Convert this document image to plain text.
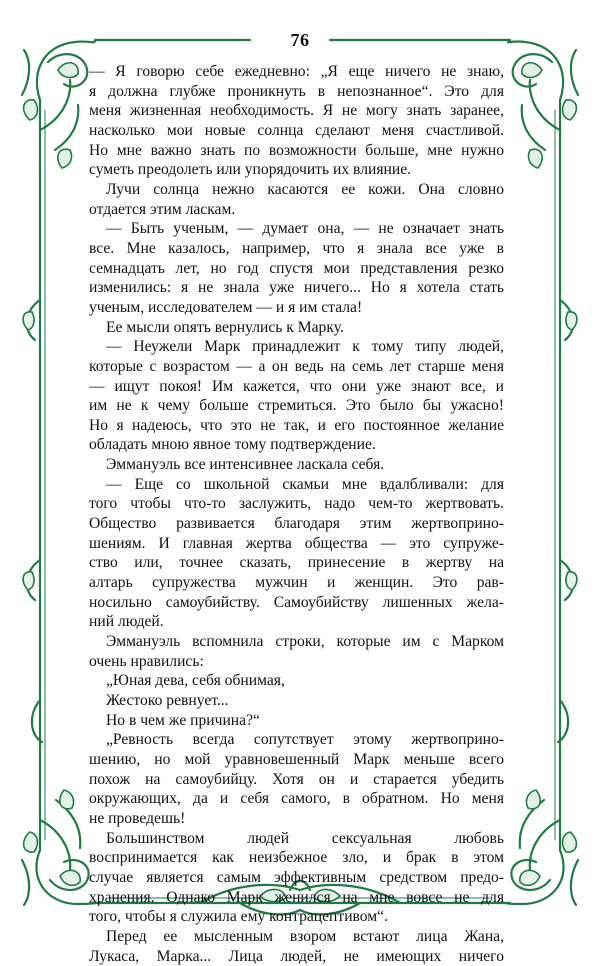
76
— Я говорю себе ежедневно: „Я еще ничего не знаю,
я должна глубже проникнуть в непознанное“. Это для
меня жизненная необходимость. Я не могу знать заранее,
насколько мои новые солнца сделают меня счастливой.
Но мне важно знать по возможности больше, мне нужно
суметь преодолеть или упорядочить их влияние.
Лучи солнца нежно касаются ее кожи. Она словно
отдается этим ласкам.
— Быть ученым, — думает она, — не означает знать
все. Мне казалось, например, что я знала все уже в
семнадцать лет, но год спустя мои представления резко
изменились: я не знала уже ничего... Но я хотела стать
ученым, исследователем — и я им стала!
Ее мысли опять вернулись к Марку.
— Неужели Марк принадлежит к тому типу людей,
которые с возрастом — а он ведь на семь лет старше меня
— ищут покоя! Им кажется, что они уже знают все, и
им не к чему больше стремиться. Это было бы ужасно!
Но я надеюсь, что это не так, и его постоянное желание
обладать мною явное тому подтверждение.
Эммануэль все интенсивнее ласкала себя.
— Еще со школьной скамьи мне вдалбливали: для
того чтобы что-то заслужить, надо чем-то жертвовать.
Общество развивается благодаря этим жертвоприно-
шениям. И главная жертва общества — это супруже-
ство или, точнее сказать, принесение в жертву на
алтарь супружества мужчин и женщин. Это рав-
носильно самоубийству. Самоубийству лишенных жела-
ний людей.
Эммануэль вспомнила строки, которые им с Марком
очень нравились:
„Юная дева, себя обнимая,
Жестоко ревнует...
Но в чем же причина?“
„Ревность всегда сопутствует этому жертвоприно-
шению, но мой уравновешенный Марк меньше всего
похож на самоубийцу. Хотя он и старается убедить
окружающих, да и себя самого, в обратном. Но меня
не проведешь!
Большинством людей сексуальная любовь
воспринимается как неизбежное зло, и брак в этом
случае является самым эффективным средством предо-
хранения. Однако Марк женился на мне вовсе не для
того, чтобы я служила ему контрацептивом“.
Перед ее мысленным взором встают лица Жана,
Лукаса, Марка... Лица людей, не имеющих ничего
